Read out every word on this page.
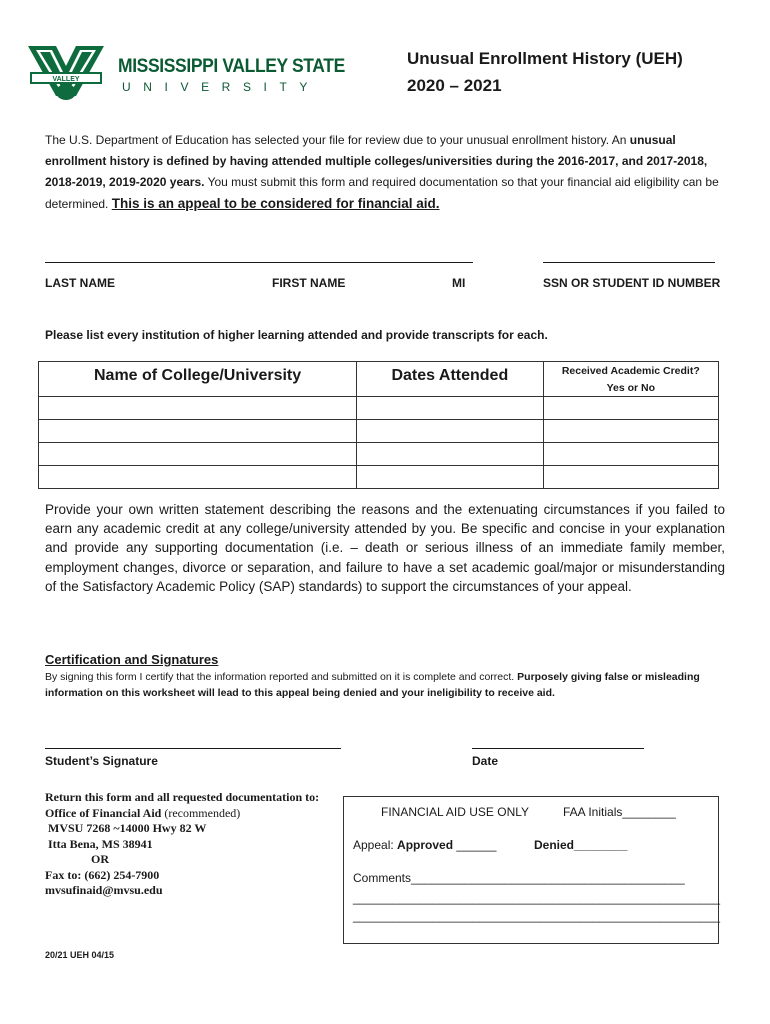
VALLEY
MISSISSIPPI VALLEY STATE
UNIVERSITY
Unusual Enrollment History (UEH)
2020 – 2021
The U.S. Department of Education has selected your file for review due to your unusual enrollment history. An unusual enrollment history is defined by having attended multiple colleges/universities during the 2016-2017, and 2017-2018, 2018-2019, 2019-2020 years. You must submit this form and required documentation so that your financial aid eligibility can be determined. This is an appeal to be considered for financial aid.
LAST NAME	FIRST NAME	MI	SSN OR STUDENT ID NUMBER
Please list every institution of higher learning attended and provide transcripts for each.
Name of College/University	Dates Attended	Received Academic Credit?
Yes or No

Provide your own written statement describing the reasons and the extenuating circumstances if you failed to earn any academic credit at any college/university attended by you. Be specific and concise in your explanation and provide any supporting documentation (i.e. – death or serious illness of an immediate family member, employment changes, divorce or separation, and failure to have a set academic goal/major or misunderstanding of the Satisfactory Academic Policy (SAP) standards) to support the circumstances of your appeal.
Certification and Signatures
By signing this form I certify that the information reported and submitted on it is complete and correct. Purposely giving false or misleading information on this worksheet will lead to this appeal being denied and your ineligibility to receive aid.
Student’s Signature	Date
Return this form and all requested documentation to:
Office of Financial Aid (recommended)
MVSU 7268 ~14000 Hwy 82 W
Itta Bena, MS 38941
OR
Fax to: (662) 254-7900
mvsufinaid@mvsu.edu
FINANCIAL AID USE ONLY	FAA Initials________
Appeal: Approved ______	Denied________
Comments_________________________________________
_______________________________________________________
_______________________________________________________
20/21 UEH 04/15
